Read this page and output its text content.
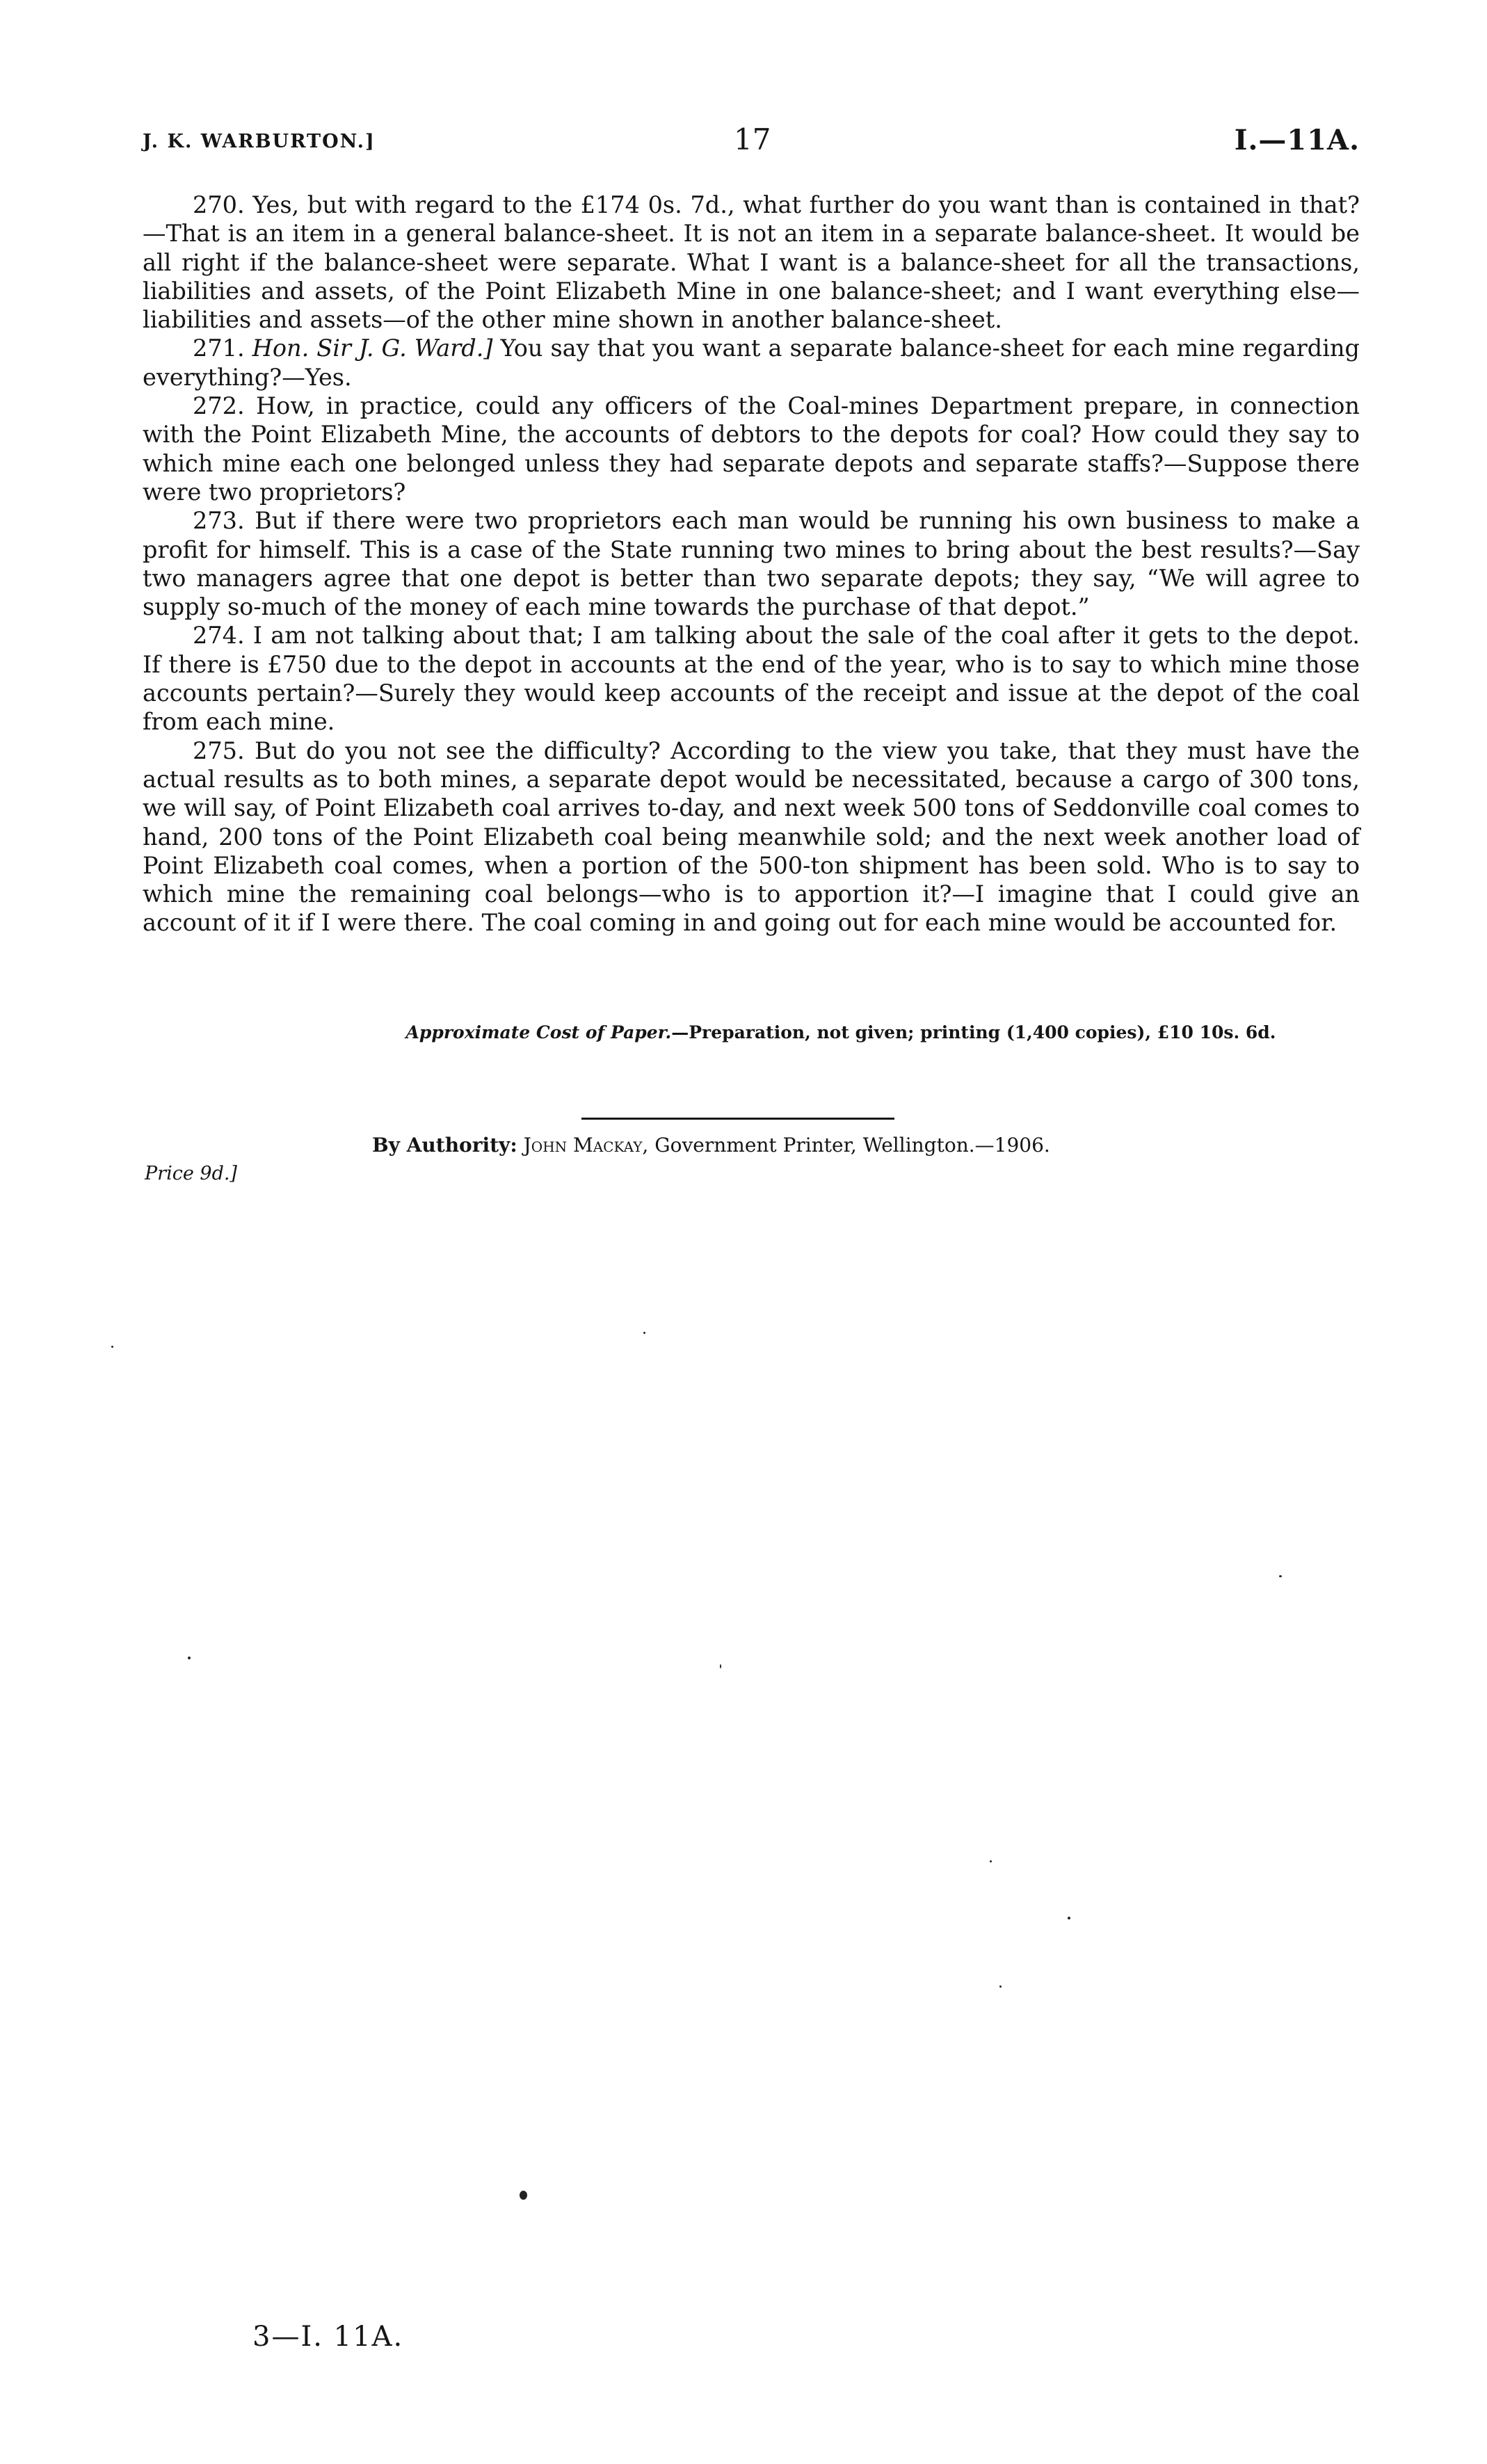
J. K. WARBURTON.]	17	I.—11A.

270. Yes, but with regard to the £174 0s. 7d., what further do you want than is contained in that?—That is an item in a general balance-sheet. It is not an item in a separate balance-sheet. It would be all right if the balance-sheet were separate. What I want is a balance-sheet for all the transactions, liabilities and assets, of the Point Elizabeth Mine in one balance-sheet; and I want everything else—liabilities and assets—of the other mine shown in another balance-sheet.

271. Hon. Sir J. G. Ward.] You say that you want a separate balance-sheet for each mine regarding everything?—Yes.

272. How, in practice, could any officers of the Coal-mines Department prepare, in connection with the Point Elizabeth Mine, the accounts of debtors to the depots for coal? How could they say to which mine each one belonged unless they had separate depots and separate staffs?—Suppose there were two proprietors?

273. But if there were two proprietors each man would be running his own business to make a profit for himself. This is a case of the State running two mines to bring about the best results?—Say two managers agree that one depot is better than two separate depots; they say, “We will agree to supply so-much of the money of each mine towards the purchase of that depot.”

274. I am not talking about that; I am talking about the sale of the coal after it gets to the depot. If there is £750 due to the depot in accounts at the end of the year, who is to say to which mine those accounts pertain?—Surely they would keep accounts of the receipt and issue at the depot of the coal from each mine.

275. But do you not see the difficulty? According to the view you take, that they must have the actual results as to both mines, a separate depot would be necessitated, because a cargo of 300 tons, we will say, of Point Elizabeth coal arrives to-day, and next week 500 tons of Seddonville coal comes to hand, 200 tons of the Point Elizabeth coal being meanwhile sold; and the next week another load of Point Elizabeth coal comes, when a portion of the 500-ton shipment has been sold. Who is to say to which mine the remaining coal belongs—who is to apportion it?—I imagine that I could give an account of it if I were there. The coal coming in and going out for each mine would be accounted for.

Approximate Cost of Paper.—Preparation, not given; printing (1,400 copies), £10 10s. 6d.
By Authority: John Mackay, Government Printer, Wellington.—1906.
Price 9d.]
3—I. 11A.
